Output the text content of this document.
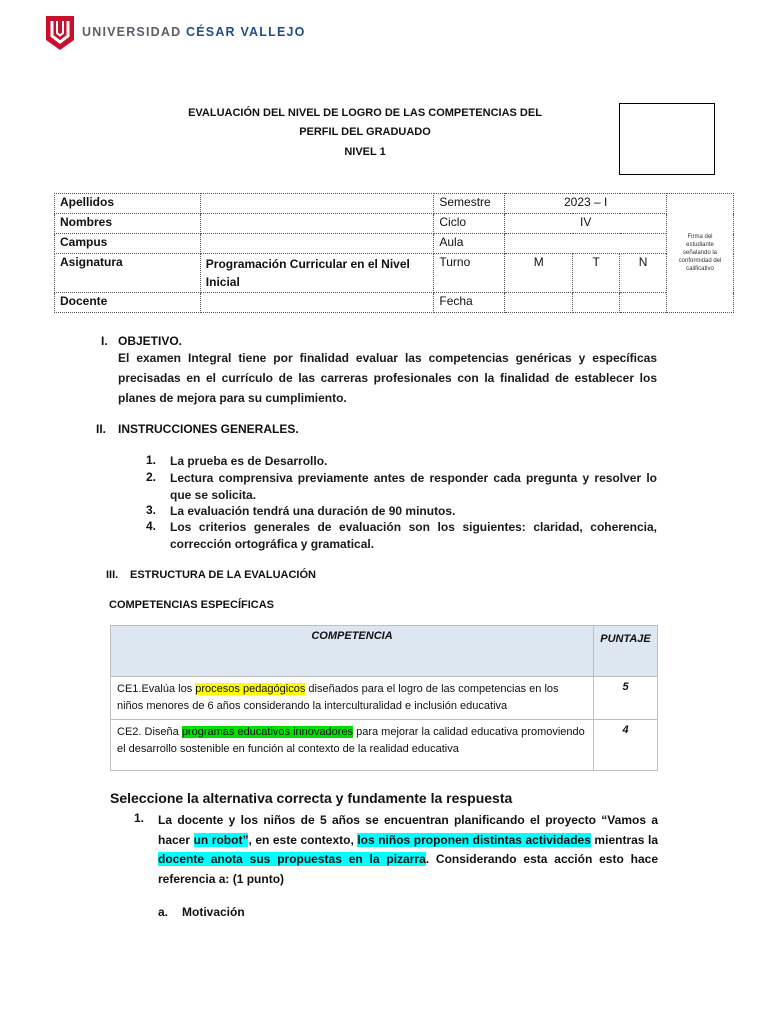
UNIVERSIDAD CÉSAR VALLEJO
EVALUACIÓN DEL NIVEL DE LOGRO DE LAS COMPETENCIAS DEL
PERFIL DEL GRADUADO
NIVEL 1
Apellidos		Semestre	2023 – I			Firma del estudiante señalando la conformidad del calificativo
Nombres		Ciclo	IV			
Campus		Aula				
Asignatura	Programación Curricular en el Nivel Inicial	Turno	M	T	N	
Docente		Fecha				
I. OBJETIVO.
El examen Integral tiene por finalidad evaluar las competencias genéricas y específicas precisadas en el currículo de las carreras profesionales con la finalidad de establecer los planes de mejora para su cumplimiento.
II. INSTRUCCIONES GENERALES.
1. La prueba es de Desarrollo.
2. Lectura comprensiva previamente antes de responder cada pregunta y resolver lo que se solicita.
3. La evaluación tendrá una duración de 90 minutos.
4. Los criterios generales de evaluación son los siguientes: claridad, coherencia, corrección ortográfica y gramatical.
III. ESTRUCTURA DE LA EVALUACIÓN
COMPETENCIAS ESPECÍFICAS
COMPETENCIA	PUNTAJE
CE1.Evalúa los procesos pedagógicos diseñados para el logro de las competencias en los niños menores de 6 años considerando la interculturalidad e inclusión educativa	5
CE2. Diseña programas educativos innovadores para mejorar la calidad educativa promoviendo el desarrollo sostenible en función al contexto de la realidad educativa	4
Seleccione la alternativa correcta y fundamente la respuesta
1. La docente y los niños de 5 años se encuentran planificando el proyecto “Vamos a hacer un robot”, en este contexto, los niños proponen distintas actividades mientras la docente anota sus propuestas en la pizarra. Considerando esta acción esto hace referencia a: (1 punto)
a. Motivación
